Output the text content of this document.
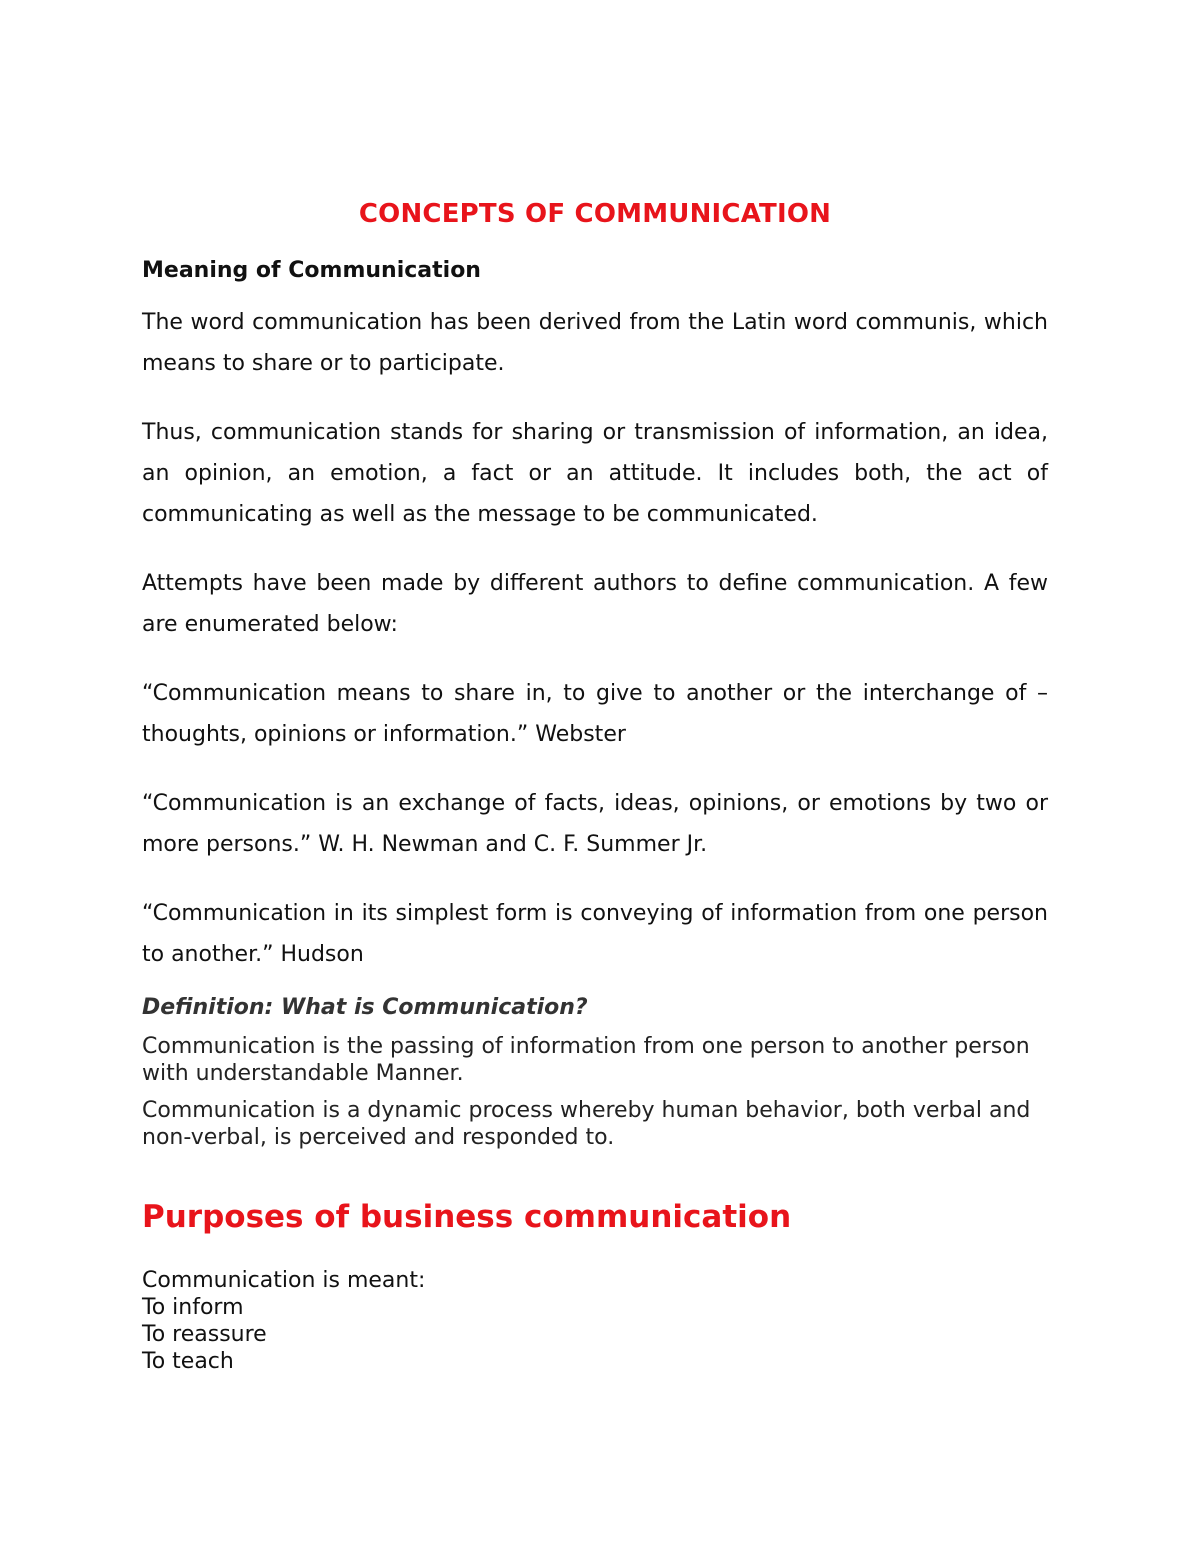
CONCEPTS OF COMMUNICATION
Meaning of Communication

The word communication has been derived from the Latin word communis, which means to share or to participate.

Thus, communication stands for sharing or transmission of information, an idea, an opinion, an emotion, a fact or an attitude. It includes both, the act of communicating as well as the message to be communicated.

Attempts have been made by different authors to define communication. A few are enumerated below:

“Communication means to share in, to give to another or the interchange of – thoughts, opinions or information.” Webster

“Communication is an exchange of facts, ideas, opinions, or emotions by two or more persons.” W. H. Newman and C. F. Summer Jr.

“Communication in its simplest form is conveying of information from one person to another.” Hudson

Definition: What is Communication?

Communication is the passing of information from one person to another person with understandable Manner.

Communication is a dynamic process whereby human behavior, both verbal and non-verbal, is perceived and responded to.

Purposes of business communication
Communication is meant:
To inform
To reassure
To teach
